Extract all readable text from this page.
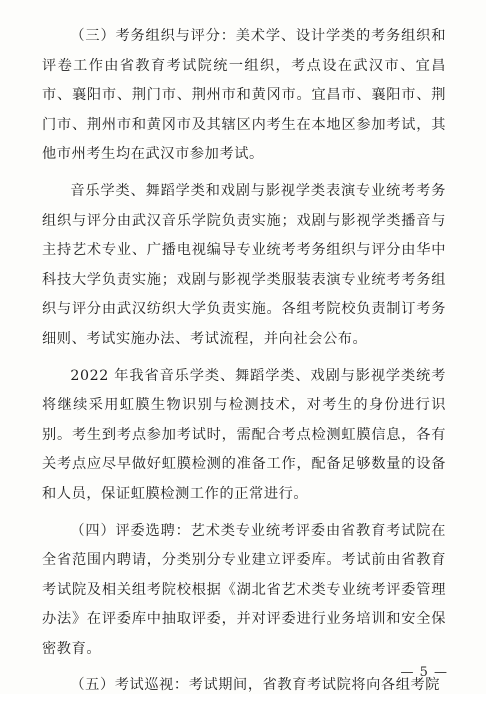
（三）考务组织与评分：美术学、设计学类的考务组织和评卷工作由省教育考试院统一组织，考点设在武汉市、宜昌市、襄阳市、荆门市、荆州市和黄冈市。宜昌市、襄阳市、荆门市、荆州市和黄冈市及其辖区内考生在本地区参加考试，其他市州考生均在武汉市参加考试。

音乐学类、舞蹈学类和戏剧与影视学类表演专业统考考务组织与评分由武汉音乐学院负责实施；戏剧与影视学类播音与主持艺术专业、广播电视编导专业统考考务组织与评分由华中科技大学负责实施；戏剧与影视学类服装表演专业统考考务组织与评分由武汉纺织大学负责实施。各组考院校负责制订考务细则、考试实施办法、考试流程，并向社会公布。

2022 年我省音乐学类、舞蹈学类、戏剧与影视学类统考将继续采用虹膜生物识别与检测技术，对考生的身份进行识别。考生到考点参加考试时，需配合考点检测虹膜信息，各有关考点应尽早做好虹膜检测的准备工作，配备足够数量的设备和人员，保证虹膜检测工作的正常进行。

（四）评委选聘：艺术类专业统考评委由省教育考试院在全省范围内聘请，分类别分专业建立评委库。考试前由省教育考试院及相关组考院校根据《湖北省艺术类专业统考评委管理办法》在评委库中抽取评委，并对评委进行业务培训和安全保密教育。

（五）考试巡视：考试期间，省教育考试院将向各组考院

— 5 —
